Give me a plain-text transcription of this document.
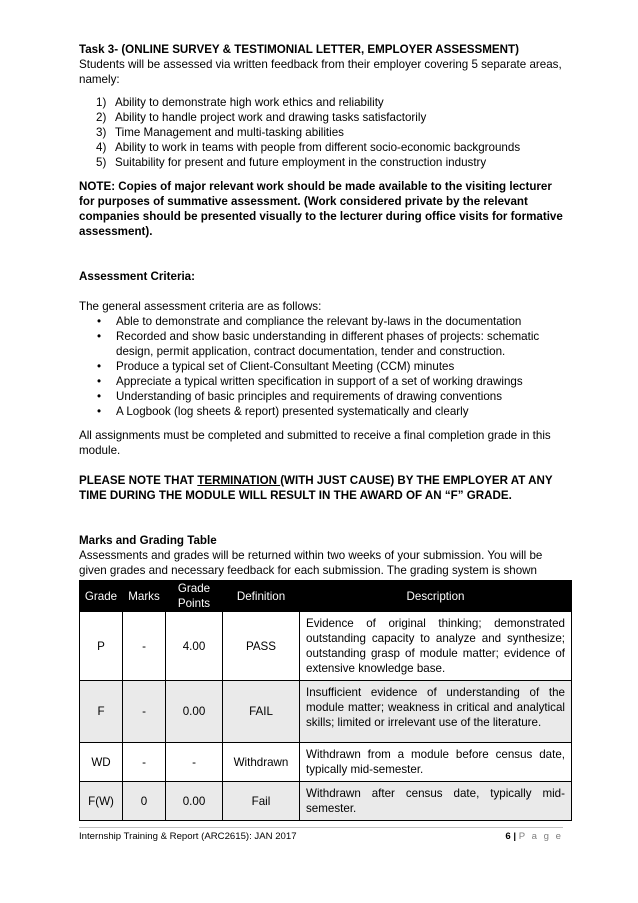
Task 3- (ONLINE SURVEY & TESTIMONIAL LETTER, EMPLOYER ASSESSMENT)

Students will be assessed via written feedback from their employer covering 5 separate areas, namely:

1) Ability to demonstrate high work ethics and reliability
2) Ability to handle project work and drawing tasks satisfactorily
3) Time Management and multi-tasking abilities
4) Ability to work in teams with people from different socio-economic backgrounds
5) Suitability for present and future employment in the construction industry

NOTE: Copies of major relevant work should be made available to the visiting lecturer for purposes of summative assessment. (Work considered private by the relevant companies should be presented visually to the lecturer during office visits for formative assessment).

Assessment Criteria:

The general assessment criteria are as follows:

• Able to demonstrate and compliance the relevant by-laws in the documentation
• Recorded and show basic understanding in different phases of projects: schematic design, permit application, contract documentation, tender and construction.
• Produce a typical set of Client-Consultant Meeting (CCM) minutes
• Appreciate a typical written specification in support of a set of working drawings
• Understanding of basic principles and requirements of drawing conventions
• A Logbook (log sheets & report) presented systematically and clearly

All assignments must be completed and submitted to receive a final completion grade in this module.

PLEASE NOTE THAT TERMINATION (WITH JUST CAUSE) BY THE EMPLOYER AT ANY TIME DURING THE MODULE WILL RESULT IN THE AWARD OF AN “F” GRADE.

Marks and Grading Table

Assessments and grades will be returned within two weeks of your submission. You will be given grades and necessary feedback for each submission. The grading system is shown

Grade	Marks	Grade Points	Definition	Description
P	-	4.00	PASS	Evidence of original thinking; demonstrated outstanding capacity to analyze and synthesize; outstanding grasp of module matter; evidence of extensive knowledge base.
F	-	0.00	FAIL	Insufficient evidence of understanding of the module matter; weakness in critical and analytical skills; limited or irrelevant use of the literature.
WD	-	-	Withdrawn	Withdrawn from a module before census date, typically mid-semester.
F(W)	0	0.00	Fail	Withdrawn after census date, typically mid-semester.
Internship Training & Report (ARC2615): JAN 2017	6 | P a g e
